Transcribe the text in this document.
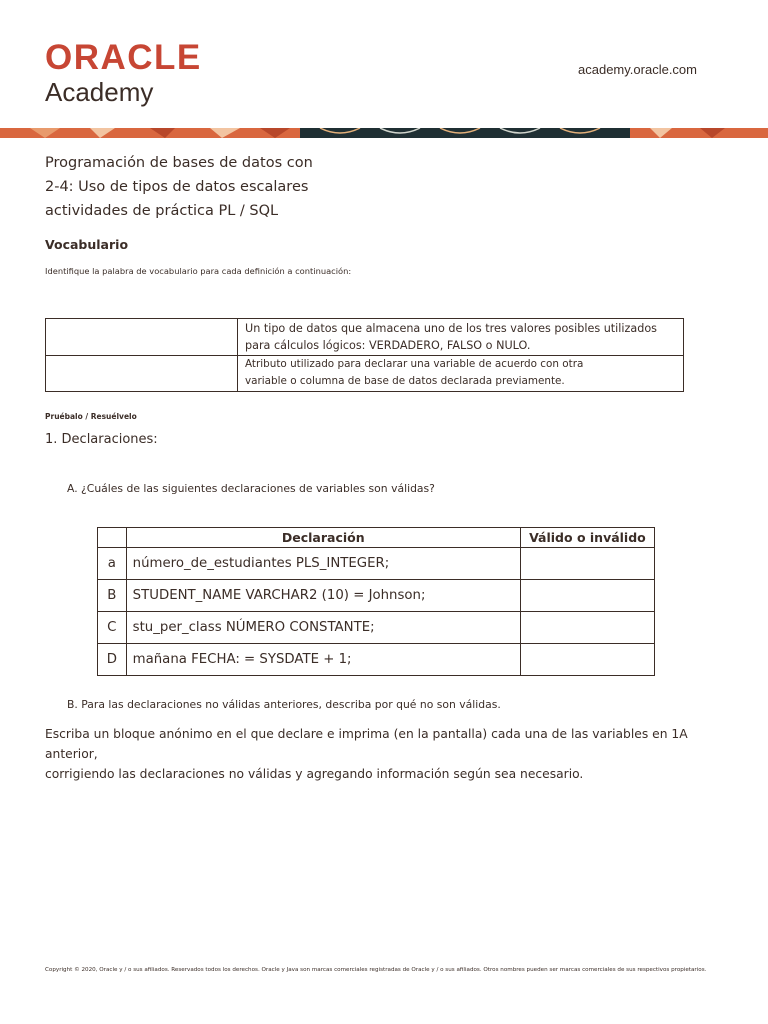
ORACLE
Academy
academy.oracle.com
Programación de bases de datos con
2-4: Uso de tipos de datos escalares
actividades de práctica PL / SQL
Vocabulario
Identifique la palabra de vocabulario para cada definición a continuación:

	Un tipo de datos que almacena uno de los tres valores posibles utilizados
para cálculos lógicos: VERDADERO, FALSO o NULO.

	Atributo utilizado para declarar una variable de acuerdo con otra
variable o columna de base de datos declarada previamente.
Pruébalo / Resuélvelo
1. Declaraciones:
A. ¿Cuáles de las siguientes declaraciones de variables son válidas?
	Declaración	Válido o inválido
a	número_de_estudiantes PLS_INTEGER;	
B	STUDENT_NAME VARCHAR2 (10) = Johnson;	
C	stu_per_class NÚMERO CONSTANTE;	
D	mañana FECHA: = SYSDATE + 1;	
B. Para las declaraciones no válidas anteriores, describa por qué no son válidas.
Escriba un bloque anónimo en el que declare e imprima (en la pantalla) cada una de las variables en 1A anterior,
corrigiendo las declaraciones no válidas y agregando información según sea necesario.
Copyright © 2020, Oracle y / o sus afiliados. Reservados todos los derechos. Oracle y Java son marcas comerciales registradas de Oracle y / o sus afiliados. Otros nombres pueden ser marcas comerciales de sus respectivos propietarios.
